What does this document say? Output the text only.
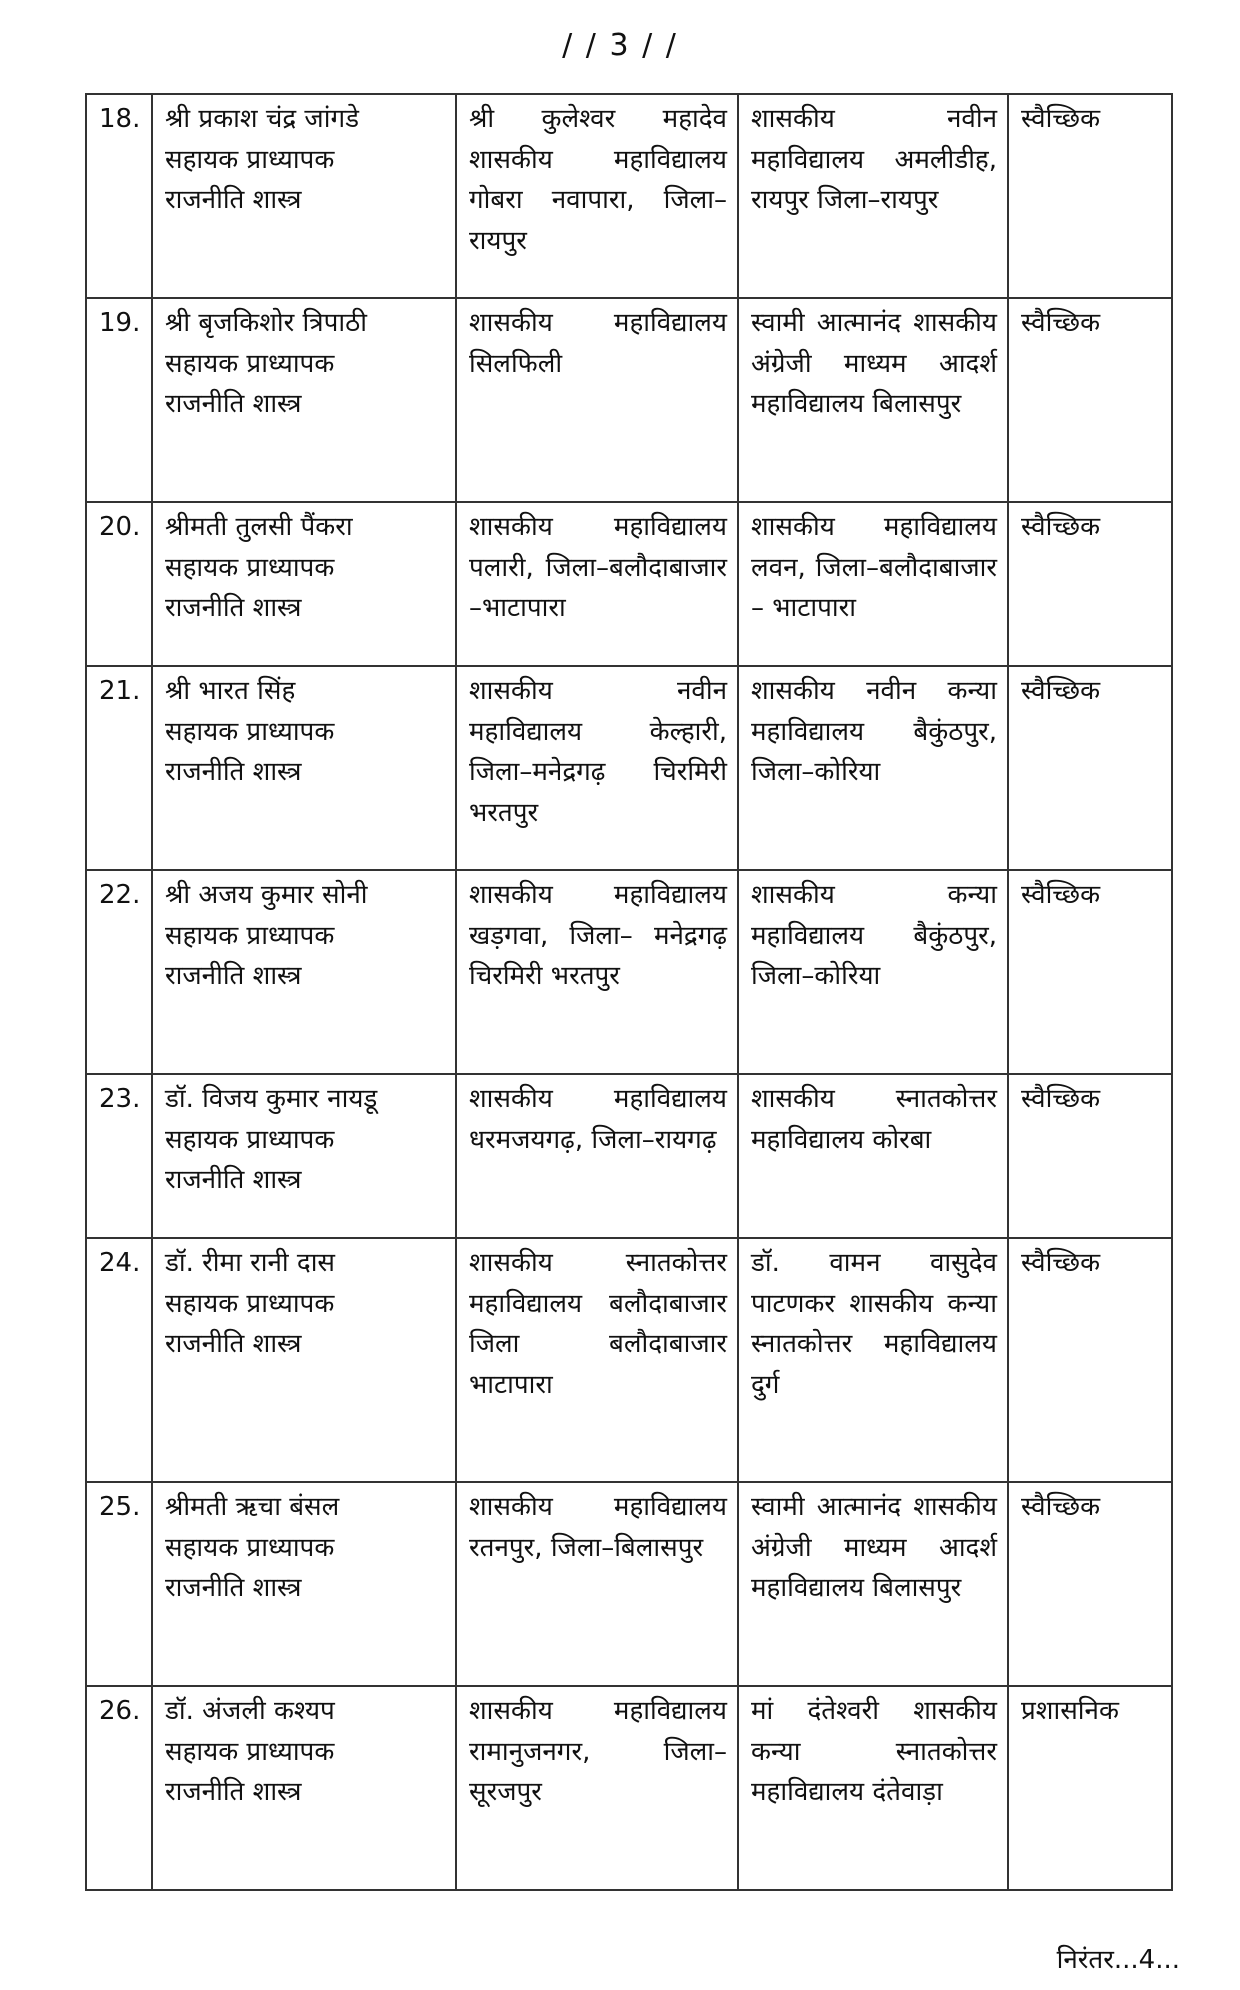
/ / 3 / /
18.	श्री प्रकाश चंद्र जांगडे
सहायक प्राध्यापक
राजनीति शास्त्र	श्री कुलेश्वर महादेव शासकीय महाविद्यालय गोबरा नवापारा, जिला–रायपुर	शासकीय नवीन महाविद्यालय अमलीडीह, रायपुर जिला–रायपुर	स्वैच्छिक
19.	श्री बृजकिशोर त्रिपाठी
सहायक प्राध्यापक
राजनीति शास्त्र	शासकीय महाविद्यालय सिलफिली	स्वामी आत्मानंद शासकीय अंग्रेजी माध्यम आदर्श महाविद्यालय बिलासपुर	स्वैच्छिक
20.	श्रीमती तुलसी पैंकरा
सहायक प्राध्यापक
राजनीति शास्त्र	शासकीय महाविद्यालय पलारी, जिला–बलौदाबाजार –भाटापारा	शासकीय महाविद्यालय लवन, जिला–बलौदाबाजार – भाटापारा	स्वैच्छिक
21.	श्री भारत सिंह
सहायक प्राध्यापक
राजनीति शास्त्र	शासकीय नवीन महाविद्यालय केल्हारी, जिला–मनेद्रगढ़ चिरमिरी भरतपुर	शासकीय नवीन कन्या महाविद्यालय बैकुंठपुर, जिला–कोरिया	स्वैच्छिक
22.	श्री अजय कुमार सोनी
सहायक प्राध्यापक
राजनीति शास्त्र	शासकीय महाविद्यालय खड़गवा, जिला– मनेद्रगढ़ चिरमिरी भरतपुर	शासकीय कन्या महाविद्यालय बैकुंठपुर, जिला–कोरिया	स्वैच्छिक
23.	डॉ. विजय कुमार नायडू
सहायक प्राध्यापक
राजनीति शास्त्र	शासकीय महाविद्यालय धरमजयगढ़, जिला–रायगढ़	शासकीय स्नातकोत्तर महाविद्यालय कोरबा	स्वैच्छिक
24.	डॉ. रीमा रानी दास
सहायक प्राध्यापक
राजनीति शास्त्र	शासकीय स्नातकोत्तर महाविद्यालय बलौदाबाजार जिला बलौदाबाजार भाटापारा	डॉ. वामन वासुदेव पाटणकर शासकीय कन्या स्नातकोत्तर महाविद्यालय दुर्ग	स्वैच्छिक
25.	श्रीमती ऋचा बंसल
सहायक प्राध्यापक
राजनीति शास्त्र	शासकीय महाविद्यालय रतनपुर, जिला–बिलासपुर	स्वामी आत्मानंद शासकीय अंग्रेजी माध्यम आदर्श महाविद्यालय बिलासपुर	स्वैच्छिक
26.	डॉ. अंजली कश्यप
सहायक प्राध्यापक
राजनीति शास्त्र	शासकीय महाविद्यालय रामानुजनगर, जिला–सूरजपुर	मां दंतेश्वरी शासकीय कन्या स्नातकोत्तर महाविद्यालय दंतेवाड़ा	प्रशासनिक
निरंतर...4...
